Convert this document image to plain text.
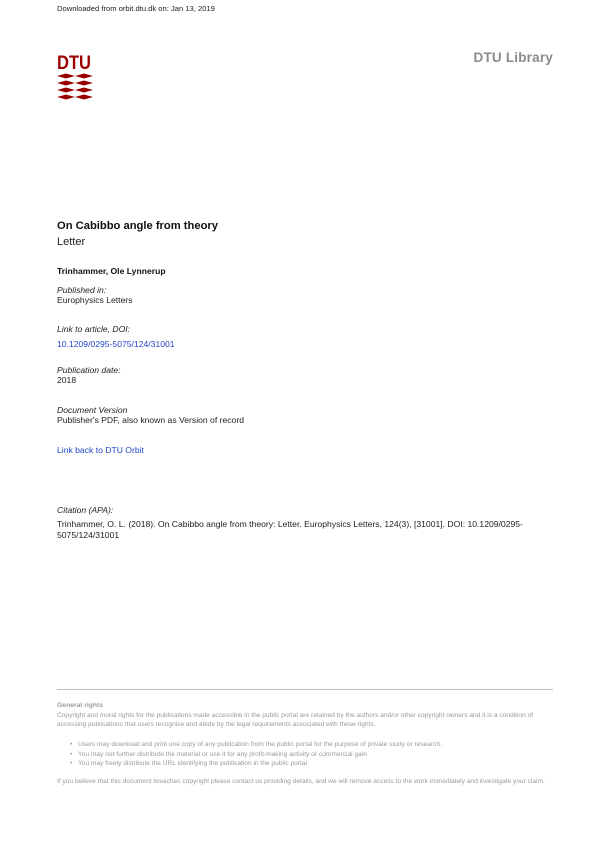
Downloaded from orbit.dtu.dk on: Jan 13, 2019
DTU	DTU Library
On Cabibbo angle from theory
Letter
Trinhammer, Ole Lynnerup
Published in:
Europhysics Letters
Link to article, DOI:
10.1209/0295-5075/124/31001
Publication date:
2018
Document Version
Publisher's PDF, also known as Version of record
Link back to DTU Orbit
Citation (APA):
Trinhammer, O. L. (2018). On Cabibbo angle from theory: Letter. Europhysics Letters, 124(3), [31001]. DOI: 10.1209/0295-5075/124/31001
General rights
Copyright and moral rights for the publications made accessible in the public portal are retained by the authors and/or other copyright owners and it is a condition of accessing publications that users recognise and abide by the legal requirements associated with these rights.
• Users may download and print one copy of any publication from the public portal for the purpose of private study or research.
• You may not further distribute the material or use it for any profit-making activity or commercial gain
• You may freely distribute the URL identifying the publication in the public portal
If you believe that this document breaches copyright please contact us providing details, and we will remove access to the work immediately and investigate your claim.
